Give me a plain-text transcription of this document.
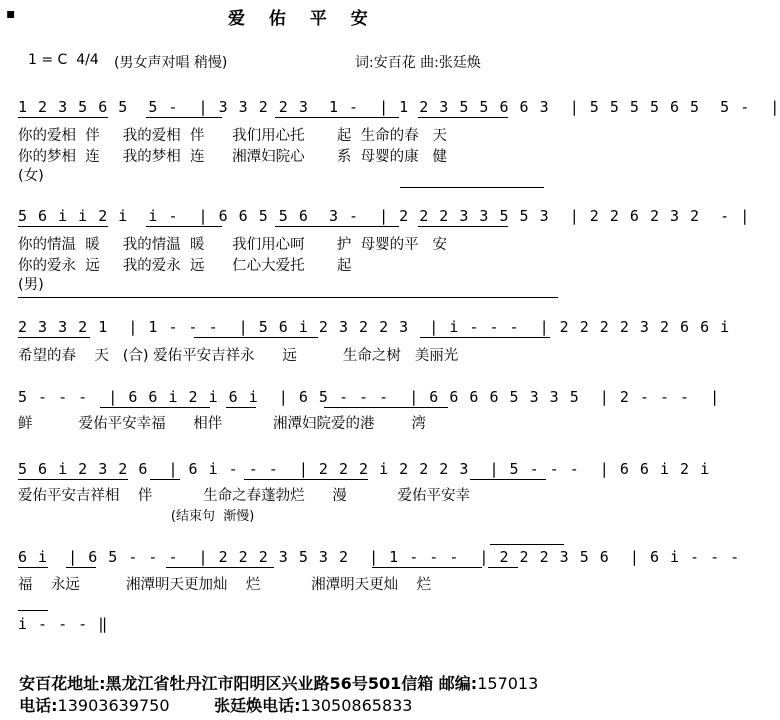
▪	爱 佑 平 安
1 = C  4/4 (男女声对唱 稍慢)	词:安百花 曲:张廷焕
1 2 3 5 6 5  5 -  | 3 3 2 2 3  1 -  | 1 2 3 5 5 6 6 3  | 5 5 5 5 6 5  5 -  |
你的爱相  伴     我的爱相  伴      我们用心托       起  生命的春   天
你的梦相  连     我的梦相  连      湘潭妇院心       系  母婴的康   健
(女)
5 6 i i 2 i  i -  | 6 6 5 5 6  3 -  | 2 2 2 3 3 5 5 3  | 2 2 6 2 3 2  - |
你的情温  暖     我的情温  暖      我们用心呵       护  母婴的平   安
你的爱永  远     我的爱永  远      仁心大爱托       起
(男)
2 3 3 2 1  | 1 - - -  | 5 6 i 2 3 2 2 3  | i - - -  | 2 2 2 2 3 2 6 6 i
希望的春    天   (合) 爱佑平安吉祥永      远          生命之树   美丽光
5 - - -  | 6 6 i 2 i 6 i  | 6 5 - - -  | 6 6 6 6 5 3 3 5  | 2 - - -  |
鲜          爱佑平安幸福      相伴           湘潭妇院爱的港        湾
5 6 i 2 3 2 6  | 6 i - - -  | 2 2 2 i 2 2 2 3  | 5 - - -  | 6 6 i 2 i
爱佑平安吉祥相    伴           生命之春蓬勃烂      漫           爱佑平安幸
(结束句  渐慢)
6 i  | 6 5 - - -  | 2 2 2 3 5 3 2  | 1 - - -  | 2 2 2 3 5 6  | 6 i - - -
福    永远          湘潭明天更加灿    烂           湘潭明天更灿    烂
i - - - ‖

安百花地址:黑龙江省牡丹江市阳明区兴业路56号501信箱 邮编:157013

电话:13903639750	张廷焕电话:13050865833
